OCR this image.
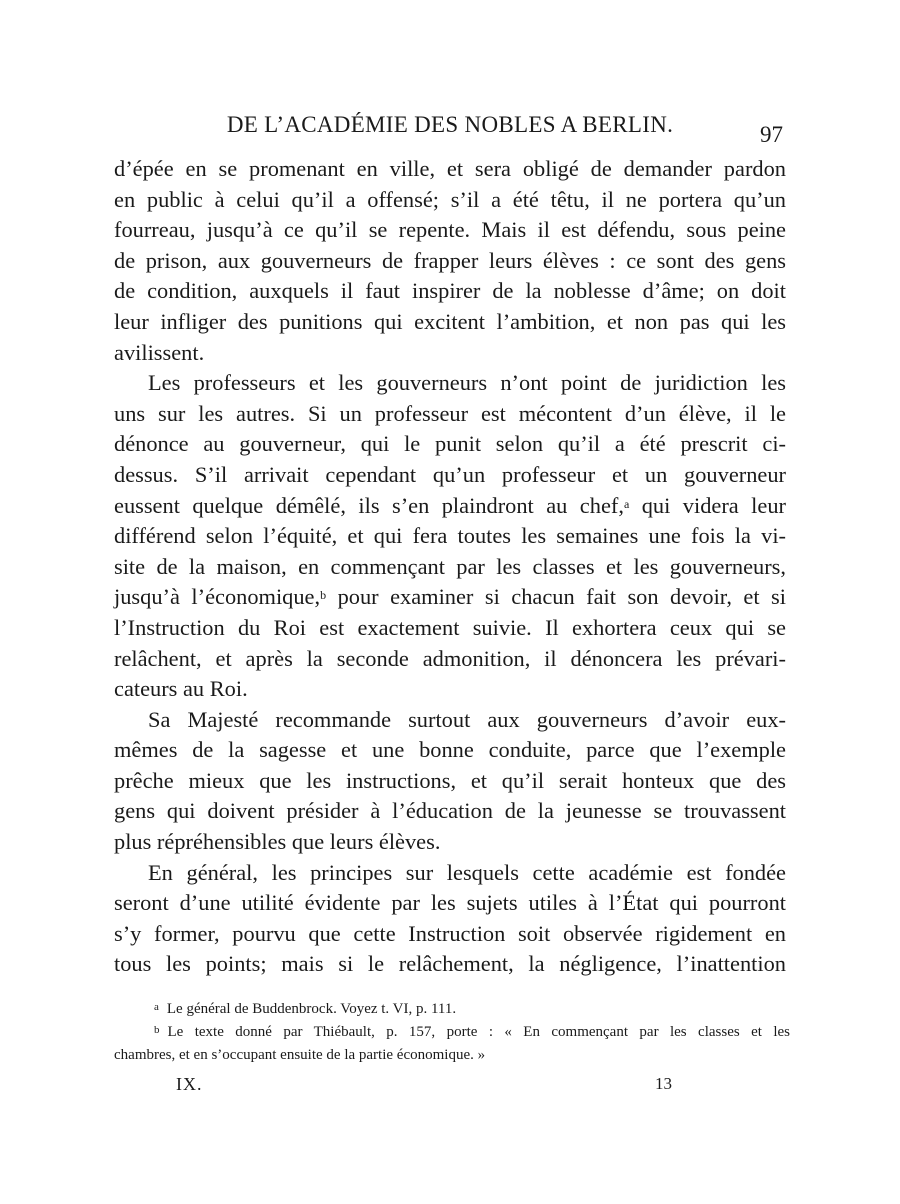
DE L’ACADÉMIE DES NOBLES A BERLIN.	97
d’épée en se promenant en ville, et sera obligé de demander pardon
en public à celui qu’il a offensé; s’il a été têtu, il ne portera qu’un
fourreau, jusqu’à ce qu’il se repente. Mais il est défendu, sous peine
de prison, aux gouverneurs de frapper leurs élèves : ce sont des gens
de condition, auxquels il faut inspirer de la noblesse d’âme; on doit
leur infliger des punitions qui excitent l’ambition, et non pas qui les
avilissent.
Les professeurs et les gouverneurs n’ont point de juridiction les
uns sur les autres. Si un professeur est mécontent d’un élève, il le
dénonce au gouverneur, qui le punit selon qu’il a été prescrit ci-
dessus. S’il arrivait cependant qu’un professeur et un gouverneur
eussent quelque démêlé, ils s’en plaindront au chef,$^a$ qui videra leur
différend selon l’équité, et qui fera toutes les semaines une fois la vi-
site de la maison, en commençant par les classes et les gouverneurs,
jusqu’à l’économique,$^b$ pour examiner si chacun fait son devoir, et si
l’Instruction du Roi est exactement suivie. Il exhortera ceux qui se
relâchent, et après la seconde admonition, il dénoncera les prévari-
cateurs au Roi.
Sa Majesté recommande surtout aux gouverneurs d’avoir eux-
mêmes de la sagesse et une bonne conduite, parce que l’exemple
prêche mieux que les instructions, et qu’il serait honteux que des
gens qui doivent présider à l’éducation de la jeunesse se trouvassent
plus répréhensibles que leurs élèves.
En général, les principes sur lesquels cette académie est fondée
seront d’une utilité évidente par les sujets utiles à l’État qui pourront
s’y former, pourvu que cette Instruction soit observée rigidement en
tous les points; mais si le relâchement, la négligence, l’inattention
$^a$ Le général de Buddenbrock. Voyez t. VI, p. 111.
$^b$ Le texte donné par Thiébault, p. 157, porte : « En commençant par les classes et les
chambres, et en s’occupant ensuite de la partie économique. »
IX.	13
